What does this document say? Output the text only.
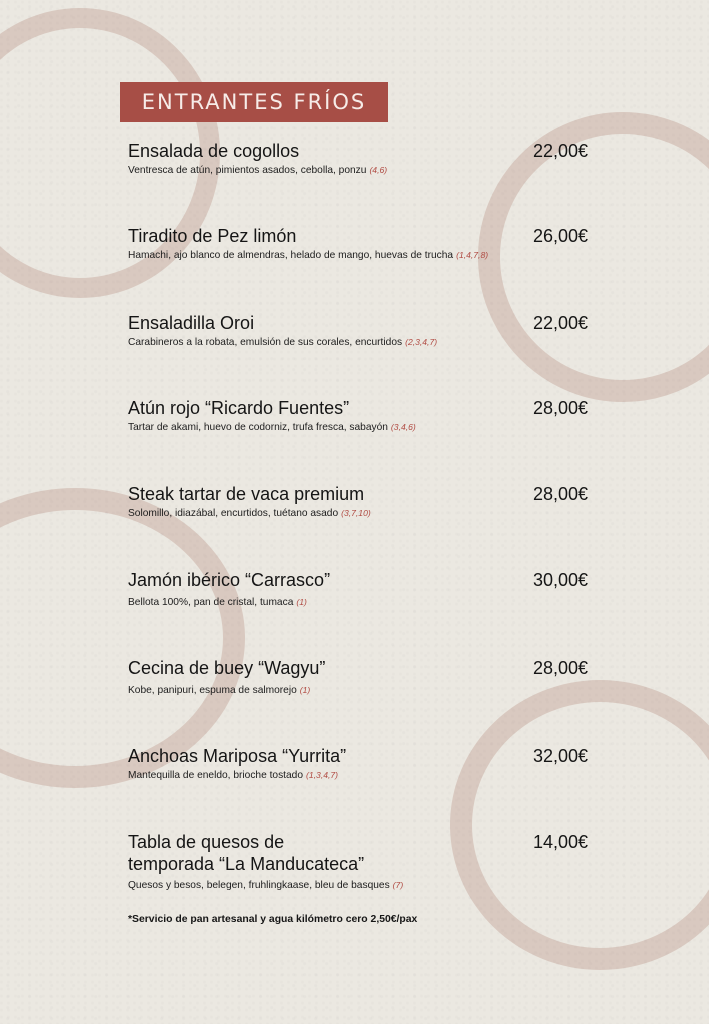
ENTRANTES FRÍOS
Ensalada de cogollos	22,00€
Ventresca de atún, pimientos asados, cebolla, ponzu (4,6)
Tiradito de Pez limón	26,00€
Hamachi, ajo blanco de almendras, helado de mango, huevas de trucha (1,4,7,8)
Ensaladilla Oroi	22,00€
Carabineros a la robata, emulsión de sus corales, encurtidos (2,3,4,7)
Atún rojo “Ricardo Fuentes”	28,00€
Tartar de akami, huevo de codorniz, trufa fresca, sabayón (3,4,6)
Steak tartar de vaca premium	28,00€
Solomillo, idiazábal, encurtidos, tuétano asado (3,7,10)
Jamón ibérico “Carrasco”	30,00€
Bellota 100%, pan de cristal, tumaca (1)
Cecina de buey “Wagyu”	28,00€
Kobe, panipuri, espuma de salmorejo (1)
Anchoas Mariposa “Yurrita”	32,00€
Mantequilla de eneldo, brioche tostado (1,3,4,7)
Tabla de quesos de
temporada “La Manducateca”
14,00€
Quesos y besos, belegen, fruhlingkaase, bleu de basques (7)
*Servicio de pan artesanal y agua kilómetro cero 2,50€/pax
